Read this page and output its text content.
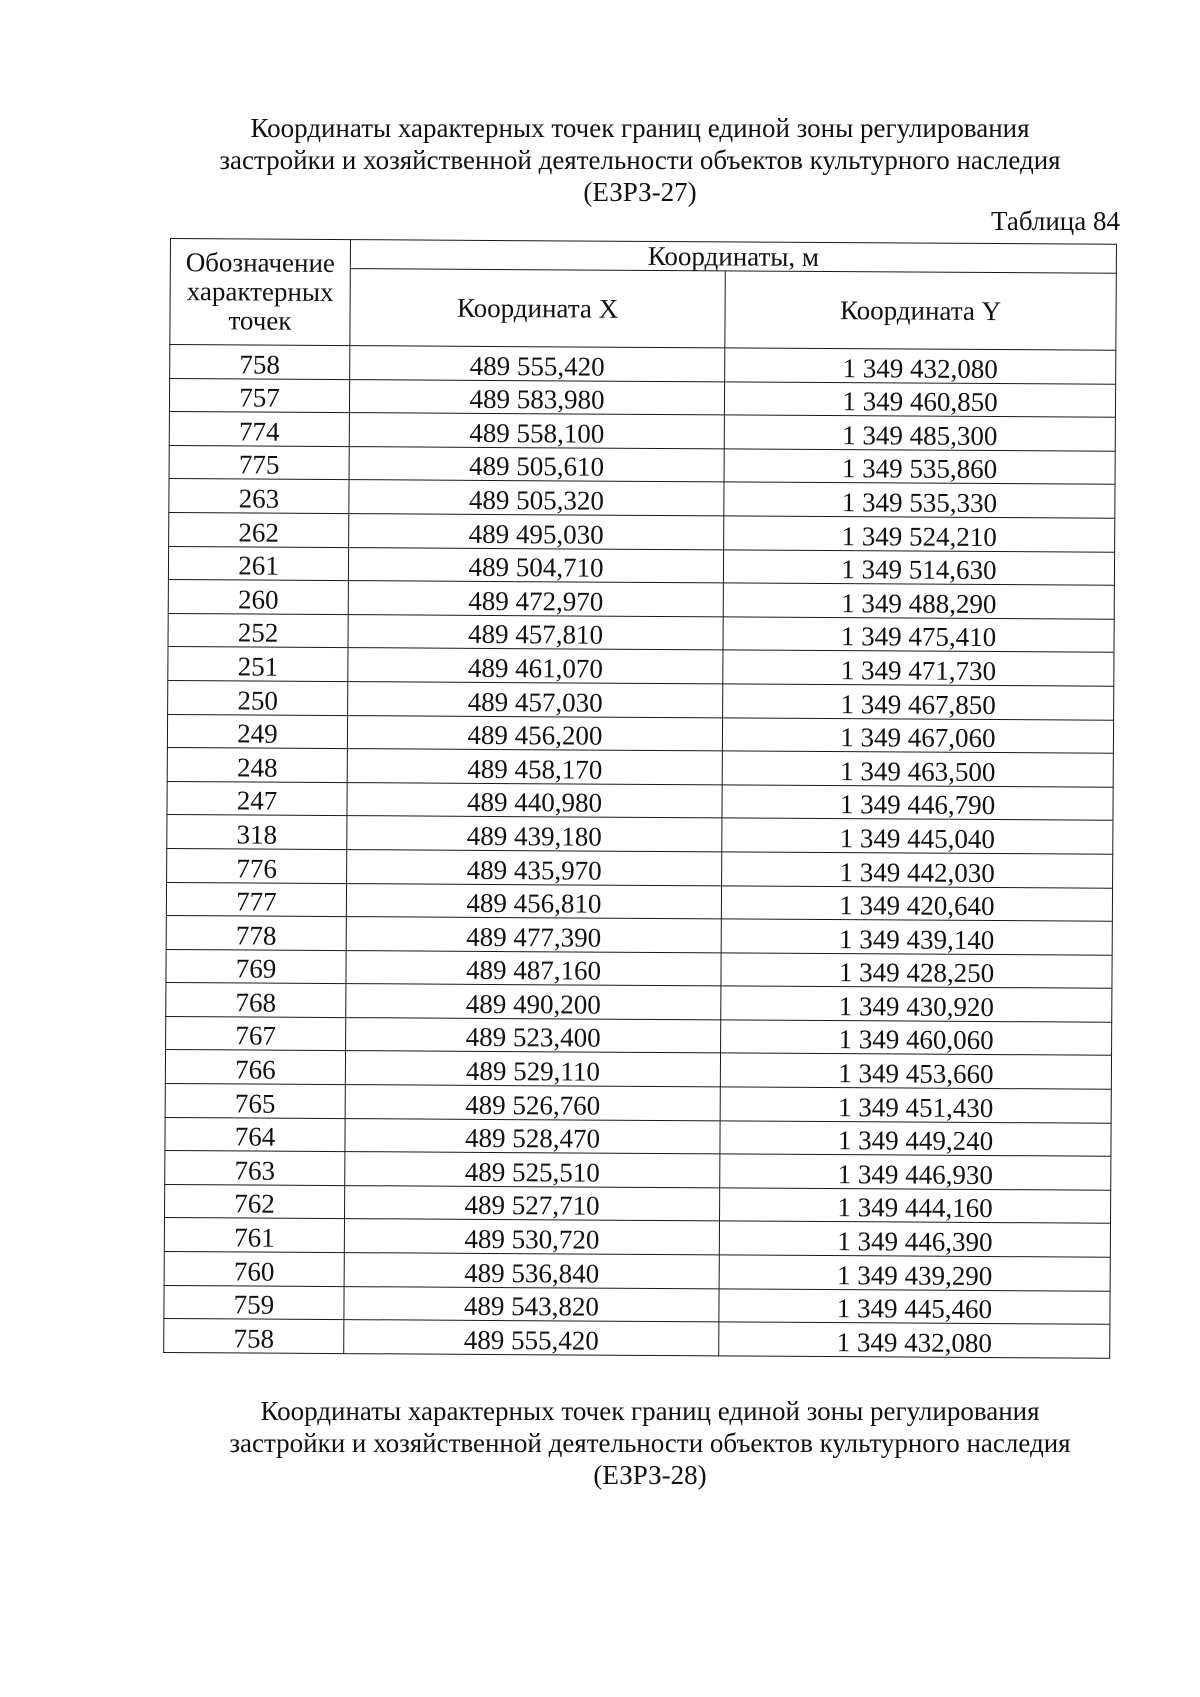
Координаты характерных точек границ единой зоны регулирования
застройки и хозяйственной деятельности объектов культурного наследия
(ЕЗРЗ-27)
Таблица 84
Обозначение
характерных
точек	Координаты, м	
	Координата X	Координата Y
758	489 555,420	1 349 432,080
757	489 583,980	1 349 460,850
774	489 558,100	1 349 485,300
775	489 505,610	1 349 535,860
263	489 505,320	1 349 535,330
262	489 495,030	1 349 524,210
261	489 504,710	1 349 514,630
260	489 472,970	1 349 488,290
252	489 457,810	1 349 475,410
251	489 461,070	1 349 471,730
250	489 457,030	1 349 467,850
249	489 456,200	1 349 467,060
248	489 458,170	1 349 463,500
247	489 440,980	1 349 446,790
318	489 439,180	1 349 445,040
776	489 435,970	1 349 442,030
777	489 456,810	1 349 420,640
778	489 477,390	1 349 439,140
769	489 487,160	1 349 428,250
768	489 490,200	1 349 430,920
767	489 523,400	1 349 460,060
766	489 529,110	1 349 453,660
765	489 526,760	1 349 451,430
764	489 528,470	1 349 449,240
763	489 525,510	1 349 446,930
762	489 527,710	1 349 444,160
761	489 530,720	1 349 446,390
760	489 536,840	1 349 439,290
759	489 543,820	1 349 445,460
758	489 555,420	1 349 432,080
Координаты характерных точек границ единой зоны регулирования
застройки и хозяйственной деятельности объектов культурного наследия
(ЕЗРЗ-28)
